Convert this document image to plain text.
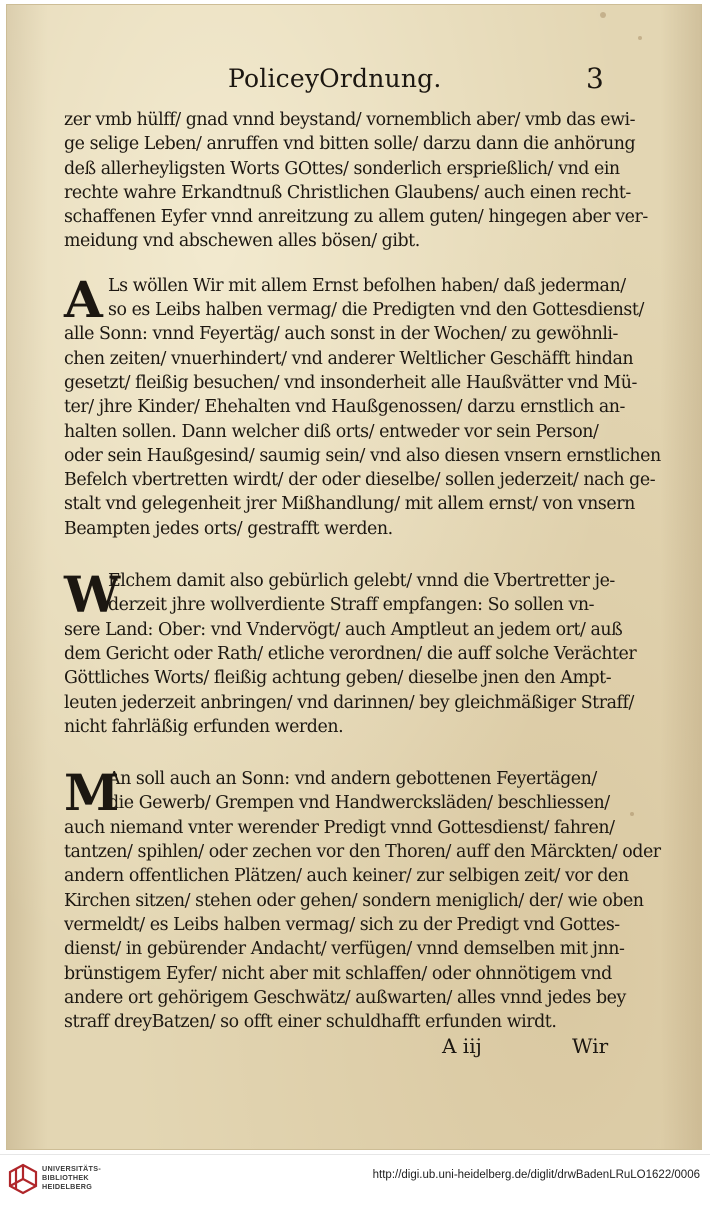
PoliceyOrdnung.	3
zer vmb hülff/ gnad vnnd beystand/ vornemblich aber/ vmb das ewi-
ge selige Leben/ anruffen vnd bitten solle/ darzu dann die anhörung
deß allerheyligsten Worts GOttes/ sonderlich ersprießlich/ vnd ein
rechte wahre Erkandtnuß Christlichen Glaubens/ auch einen recht-
schaffenen Eyfer vnnd anreitzung zu allem guten/ hingegen aber ver-
meidung vnd abschewen alles bösen/ gibt.
A Ls wöllen Wir mit allem Ernst befolhen haben/ daß jederman/
so es Leibs halben vermag/ die Predigten vnd den Gottesdienst/
alle Sonn: vnnd Feyertäg/ auch sonst in der Wochen/ zu gewöhnli-
chen zeiten/ vnuerhindert/ vnd anderer Weltlicher Geschäfft hindan
gesetzt/ fleißig besuchen/ vnd insonderheit alle Haußvätter vnd Mü-
ter/ jhre Kinder/ Ehehalten vnd Haußgenossen/ darzu ernstlich an-
halten sollen. Dann welcher diß orts/ entweder vor sein Person/
oder sein Haußgesind/ saumig sein/ vnd also diesen vnsern ernstlichen
Befelch vbertretten wirdt/ der oder dieselbe/ sollen jederzeit/ nach ge-
stalt vnd gelegenheit jrer Mißhandlung/ mit allem ernst/ von vnsern
Beampten jedes orts/ gestrafft werden.
W
Elchem damit also gebürlich gelebt/ vnnd die Vbertretter je-
derzeit jhre wollverdiente Straff empfangen: So sollen vn-
sere Land: Ober: vnd Vndervögt/ auch Amptleut an jedem ort/ auß
dem Gericht oder Rath/ etliche verordnen/ die auff solche Verächter
Göttliches Worts/ fleißig achtung geben/ dieselbe jnen den Ampt-
leuten jederzeit anbringen/ vnd darinnen/ bey gleichmäßiger Straff/
nicht fahrläßig erfunden werden.
M
An soll auch an Sonn: vnd andern gebottenen Feyertägen/
die Gewerb/ Grempen vnd Handwercksläden/ beschliessen/
auch niemand vnter werender Predigt vnnd Gottesdienst/ fahren/
tantzen/ spihlen/ oder zechen vor den Thoren/ auff den Märckten/ oder
andern offentlichen Plätzen/ auch keiner/ zur selbigen zeit/ vor den
Kirchen sitzen/ stehen oder gehen/ sondern meniglich/ der/ wie oben
vermeldt/ es Leibs halben vermag/ sich zu der Predigt vnd Gottes-
dienst/ in gebürender Andacht/ verfügen/ vnnd demselben mit jnn-
brünstigem Eyfer/ nicht aber mit schlaffen/ oder ohnnötigem vnd
andere ort gehörigem Geschwätz/ außwarten/ alles vnnd jedes bey
straff dreyBatzen/ so offt einer schuldhafft erfunden wirdt.
A iij	Wir
UNIVERSITÄTS-
BIBLIOTHEK
HEIDELBERG
http://digi.ub.uni-heidelberg.de/diglit/drwBadenLRuLO1622/0006
